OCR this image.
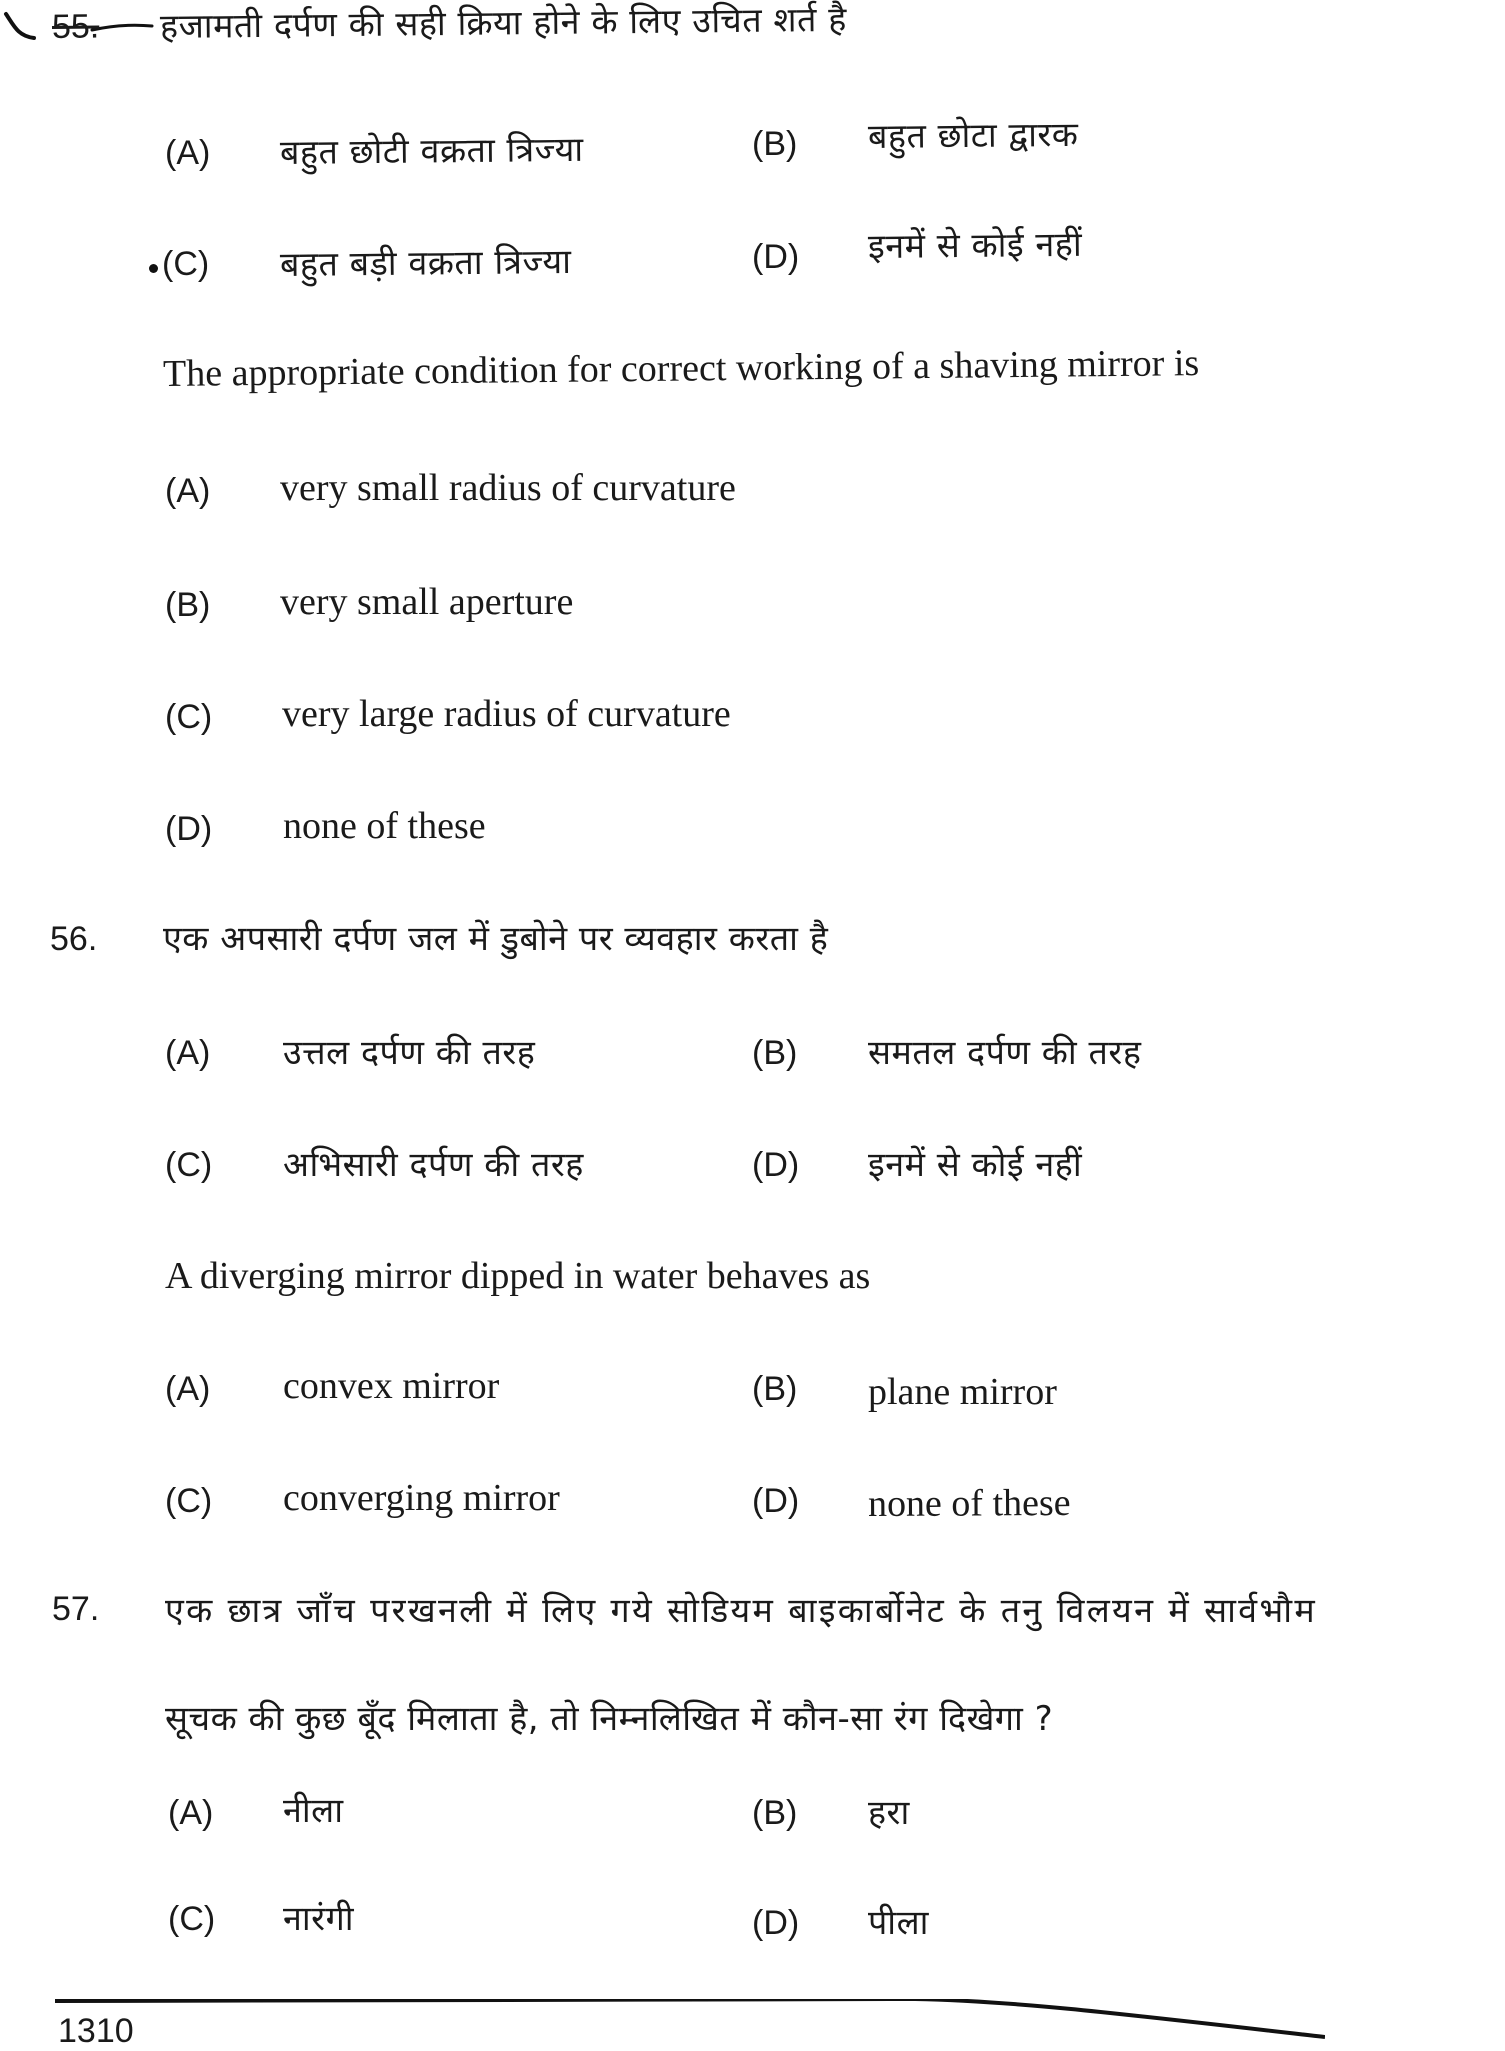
55. हजामती दर्पण की सही क्रिया होने के लिए उचित शर्त है
(A) बहुत छोटी वक्रता त्रिज्या	(B) बहुत छोटा द्वारक
(C) बहुत बड़ी वक्रता त्रिज्या	(D) इनमें से कोई नहीं
The appropriate condition for correct working of a shaving mirror is
(A) very small radius of curvature
(B) very small aperture
(C) very large radius of curvature
(D) none of these
56. एक अपसारी दर्पण जल में डुबोने पर व्यवहार करता है
(A) उत्तल दर्पण की तरह	(B) समतल दर्पण की तरह
(C) अभिसारी दर्पण की तरह	(D) इनमें से कोई नहीं
A diverging mirror dipped in water behaves as
(A) convex mirror	(B) plane mirror
(C) converging mirror	(D) none of these
57. एक छात्र जाँच परखनली में लिए गये सोडियम बाइकार्बोनेट के तनु विलयन में सार्वभौम
सूचक की कुछ बूँद मिलाता है, तो निम्नलिखित में कौन-सा रंग दिखेगा ?
(A) नीला	(B) हरा
(C) नारंगी	(D) पीला
1310
